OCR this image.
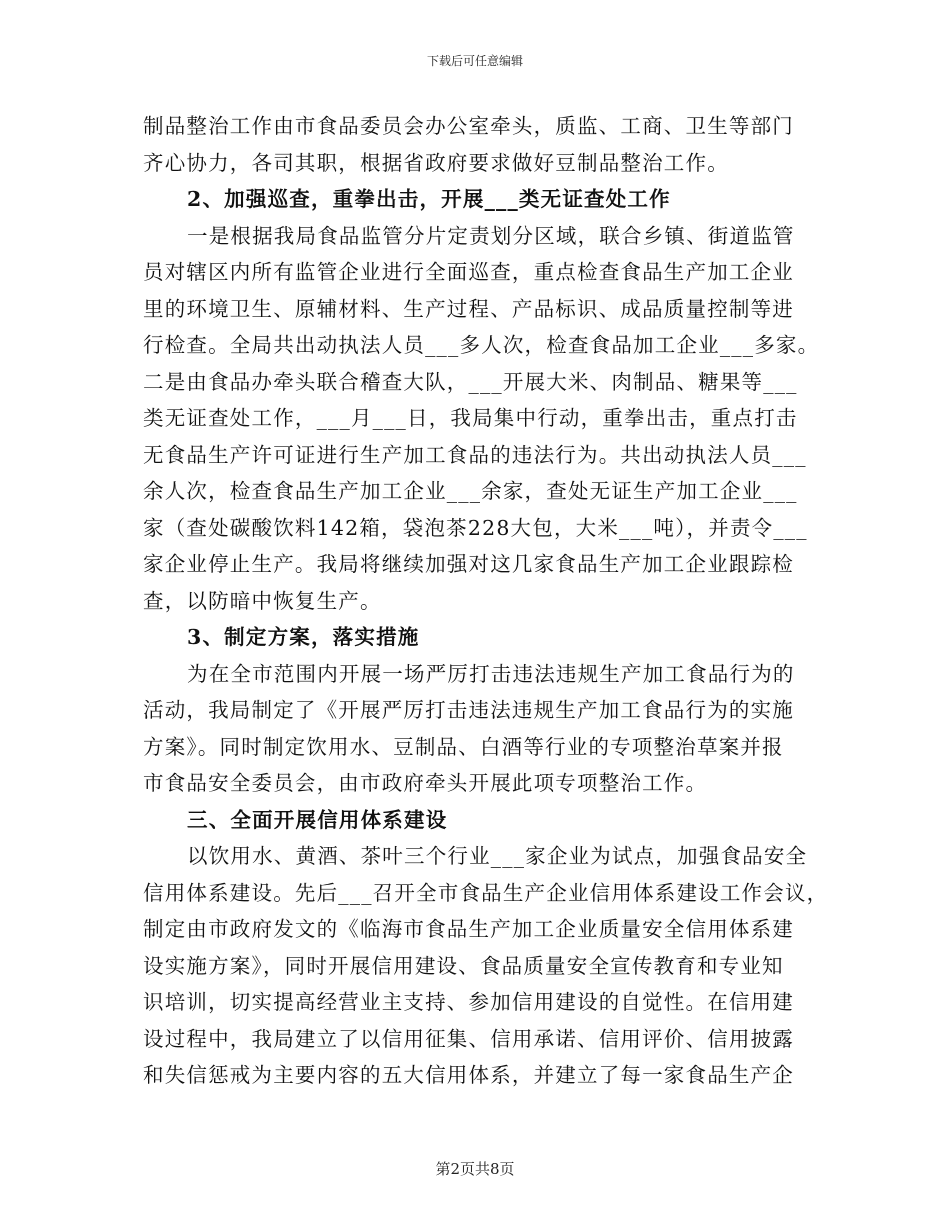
下载后可任意编辑
制品整治工作由市食品委员会办公室牵头，质监、工商、卫生等部门
齐心协力，各司其职，根据省政府要求做好豆制品整治工作。
2、加强巡查，重拳出击，开展___类无证查处工作
一是根据我局食品监管分片定责划分区域，联合乡镇、街道监管
员对辖区内所有监管企业进行全面巡查，重点检查食品生产加工企业
里的环境卫生、原辅材料、生产过程、产品标识、成品质量控制等进
行检查。全局共出动执法人员___多人次，检查食品加工企业___多家。
二是由食品办牵头联合稽查大队，___开展大米、肉制品、糖果等___
类无证查处工作，___月___日，我局集中行动，重拳出击，重点打击
无食品生产许可证进行生产加工食品的违法行为。共出动执法人员___
余人次，检查食品生产加工企业___余家，查处无证生产加工企业___
家（查处碳酸饮料142箱，袋泡茶228大包，大米___吨），并责令___
家企业停止生产。我局将继续加强对这几家食品生产加工企业跟踪检
查，以防暗中恢复生产。
3、制定方案，落实措施
为在全市范围内开展一场严厉打击违法违规生产加工食品行为的
活动，我局制定了《开展严厉打击违法违规生产加工食品行为的实施
方案》。同时制定饮用水、豆制品、白酒等行业的专项整治草案并报
市食品安全委员会，由市政府牵头开展此项专项整治工作。
三、全面开展信用体系建设
以饮用水、黄酒、茶叶三个行业___家企业为试点，加强食品安全
信用体系建设。先后___召开全市食品生产企业信用体系建设工作会议，
制定由市政府发文的《临海市食品生产加工企业质量安全信用体系建
设实施方案》，同时开展信用建设、食品质量安全宣传教育和专业知
识培训，切实提高经营业主支持、参加信用建设的自觉性。在信用建
设过程中，我局建立了以信用征集、信用承诺、信用评价、信用披露
和失信惩戒为主要内容的五大信用体系，并建立了每一家食品生产企
第2页共8页
